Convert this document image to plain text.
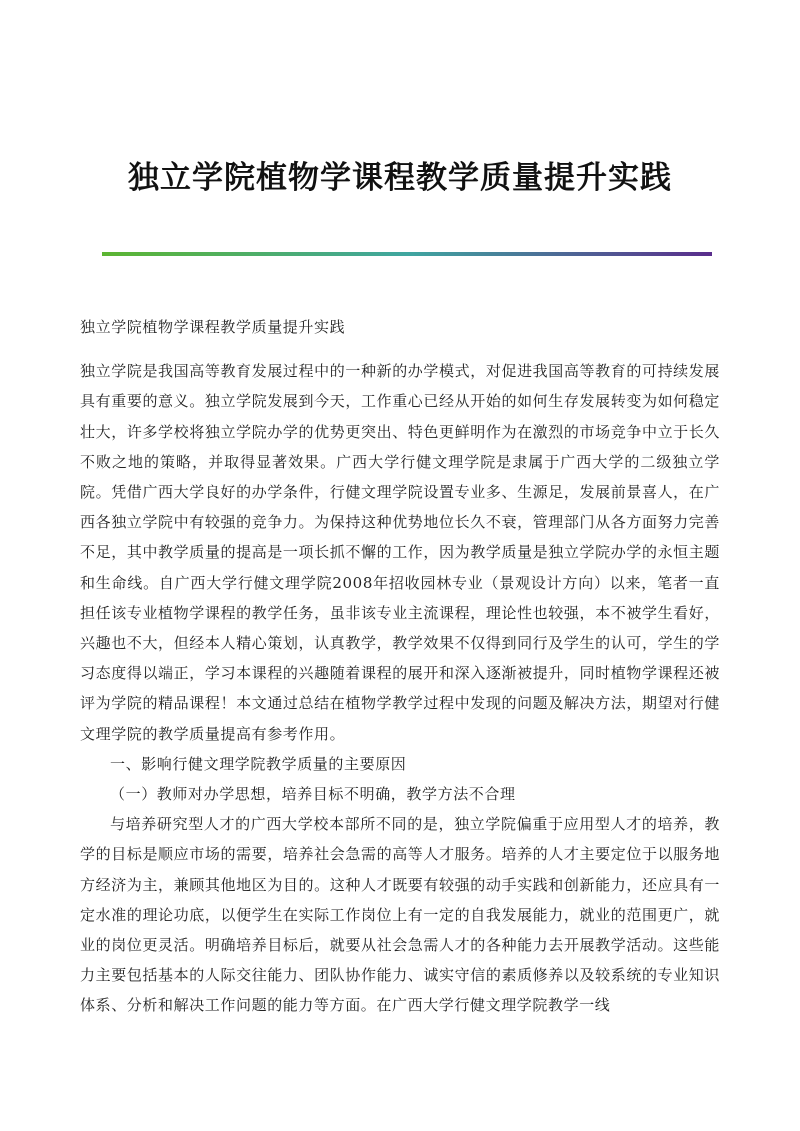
独立学院植物学课程教学质量提升实践

独立学院植物学课程教学质量提升实践

独立学院是我国高等教育发展过程中的一种新的办学模式，对促进我国高等教育的可持续发展具有重要的意义。独立学院发展到今天，工作重心已经从开始的如何生存发展转变为如何稳定壮大，许多学校将独立学院办学的优势更突出、特色更鲜明作为在激烈的市场竞争中立于长久不败之地的策略，并取得显著效果。广西大学行健文理学院是隶属于广西大学的二级独立学院。凭借广西大学良好的办学条件，行健文理学院设置专业多、生源足，发展前景喜人，在广西各独立学院中有较强的竞争力。为保持这种优势地位长久不衰，管理部门从各方面努力完善不足，其中教学质量的提高是一项长抓不懈的工作，因为教学质量是独立学院办学的永恒主题和生命线。自广西大学行健文理学院2008年招收园林专业（景观设计方向）以来，笔者一直担任该专业植物学课程的教学任务，虽非该专业主流课程，理论性也较强，本不被学生看好，兴趣也不大，但经本人精心策划，认真教学，教学效果不仅得到同行及学生的认可，学生的学习态度得以端正，学习本课程的兴趣随着课程的展开和深入逐渐被提升，同时植物学课程还被评为学院的精品课程！本文通过总结在植物学教学过程中发现的问题及解决方法，期望对行健文理学院的教学质量提高有参考作用。

一、影响行健文理学院教学质量的主要原因

（一）教师对办学思想，培养目标不明确，教学方法不合理

与培养研究型人才的广西大学校本部所不同的是，独立学院偏重于应用型人才的培养，教学的目标是顺应市场的需要，培养社会急需的高等人才服务。培养的人才主要定位于以服务地方经济为主，兼顾其他地区为目的。这种人才既要有较强的动手实践和创新能力，还应具有一定水准的理论功底，以便学生在实际工作岗位上有一定的自我发展能力，就业的范围更广，就业的岗位更灵活。明确培养目标后，就要从社会急需人才的各种能力去开展教学活动。这些能力主要包括基本的人际交往能力、团队协作能力、诚实守信的素质修养以及较系统的专业知识体系、分析和解决工作问题的能力等方面。在广西大学行健文理学院教学一线
